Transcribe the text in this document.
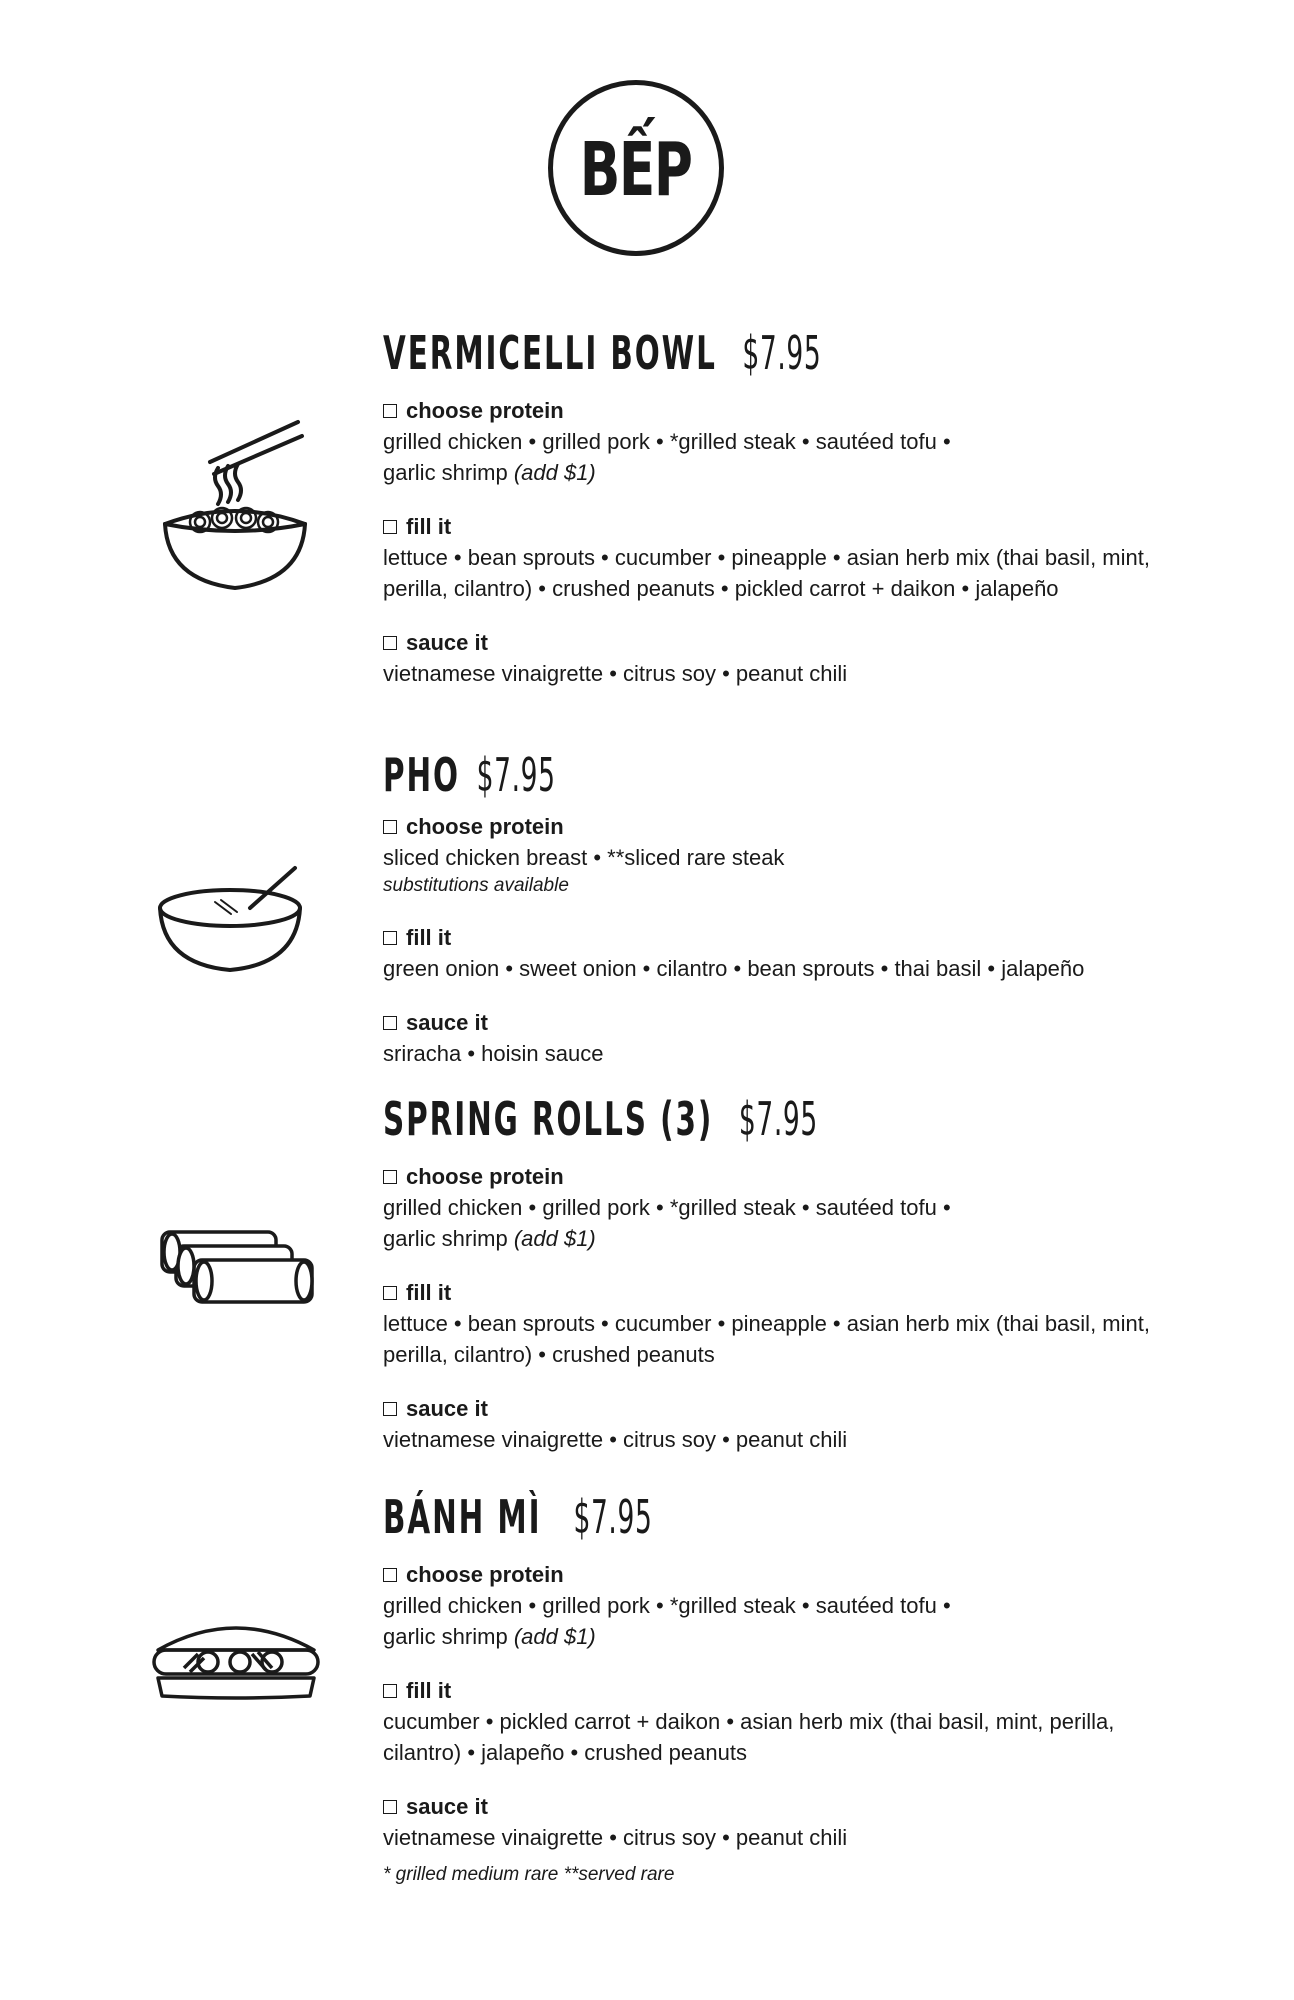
BẾP
VERMICELLI BOWL $7.95
choose protein
grilled chicken • grilled pork • *grilled steak • sautéed tofu •
garlic shrimp (add $1)
fill it
lettuce • bean sprouts • cucumber • pineapple • asian herb mix (thai basil, mint, perilla, cilantro) • crushed peanuts • pickled carrot + daikon • jalapeño
sauce it
vietnamese vinaigrette • citrus soy • peanut chili
PHO $7.95
choose protein
sliced chicken breast • **sliced rare steak
substitutions available
fill it
green onion • sweet onion • cilantro • bean sprouts • thai basil • jalapeño
sauce it
sriracha • hoisin sauce
SPRING ROLLS (3) $7.95
choose protein
grilled chicken • grilled pork • *grilled steak • sautéed tofu •
garlic shrimp (add $1)
fill it
lettuce • bean sprouts • cucumber • pineapple • asian herb mix (thai basil, mint, perilla, cilantro) • crushed peanuts
sauce it
vietnamese vinaigrette • citrus soy • peanut chili
BÁNH MÌ $7.95
choose protein
grilled chicken • grilled pork • *grilled steak • sautéed tofu •
garlic shrimp (add $1)
fill it
cucumber • pickled carrot + daikon • asian herb mix (thai basil, mint, perilla, cilantro) • jalapeño • crushed peanuts
sauce it
vietnamese vinaigrette • citrus soy • peanut chili
* grilled medium rare **served rare
